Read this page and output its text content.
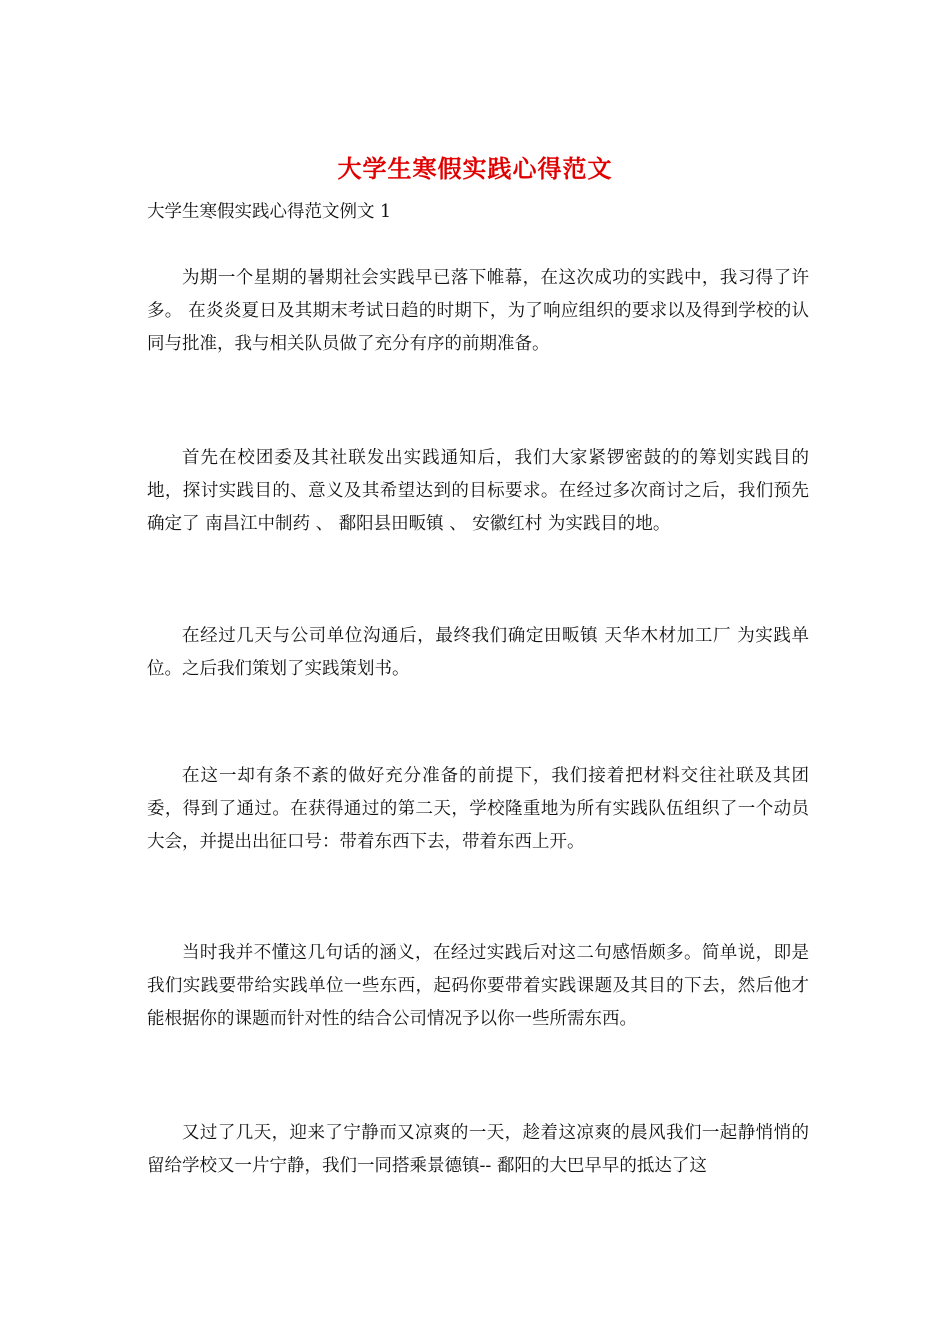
大学生寒假实践心得范文
大学生寒假实践心得范文例文 1

为期一个星期的暑期社会实践早已落下帷幕，在这次成功的实践中，我习得了许多。 在炎炎夏日及其期末考试日趋的时期下，为了响应组织的要求以及得到学校的认同与批准，我与相关队员做了充分有序的前期准备。

首先在校团委及其社联发出实践通知后，我们大家紧锣密鼓的的筹划实践目的地，探讨实践目的、意义及其希望达到的目标要求。在经过多次商讨之后，我们预先确定了 南昌江中制药 、 鄱阳县田畈镇 、 安徽红村 为实践目的地。

在经过几天与公司单位沟通后，最终我们确定田畈镇 天华木材加工厂 为实践单位。之后我们策划了实践策划书。

在这一却有条不紊的做好充分准备的前提下，我们接着把材料交往社联及其团委，得到了通过。在获得通过的第二天，学校隆重地为所有实践队伍组织了一个动员大会，并提出出征口号：带着东西下去，带着东西上开。

当时我并不懂这几句话的涵义，在经过实践后对这二句感悟颇多。简单说，即是我们实践要带给实践单位一些东西，起码你要带着实践课题及其目的下去，然后他才能根据你的课题而针对性的结合公司情况予以你一些所需东西。

又过了几天，迎来了宁静而又凉爽的一天，趁着这凉爽的晨风我们一起静悄悄的留给学校又一片宁静，我们一同搭乘景德镇-- 鄱阳的大巴早早的抵达了这
